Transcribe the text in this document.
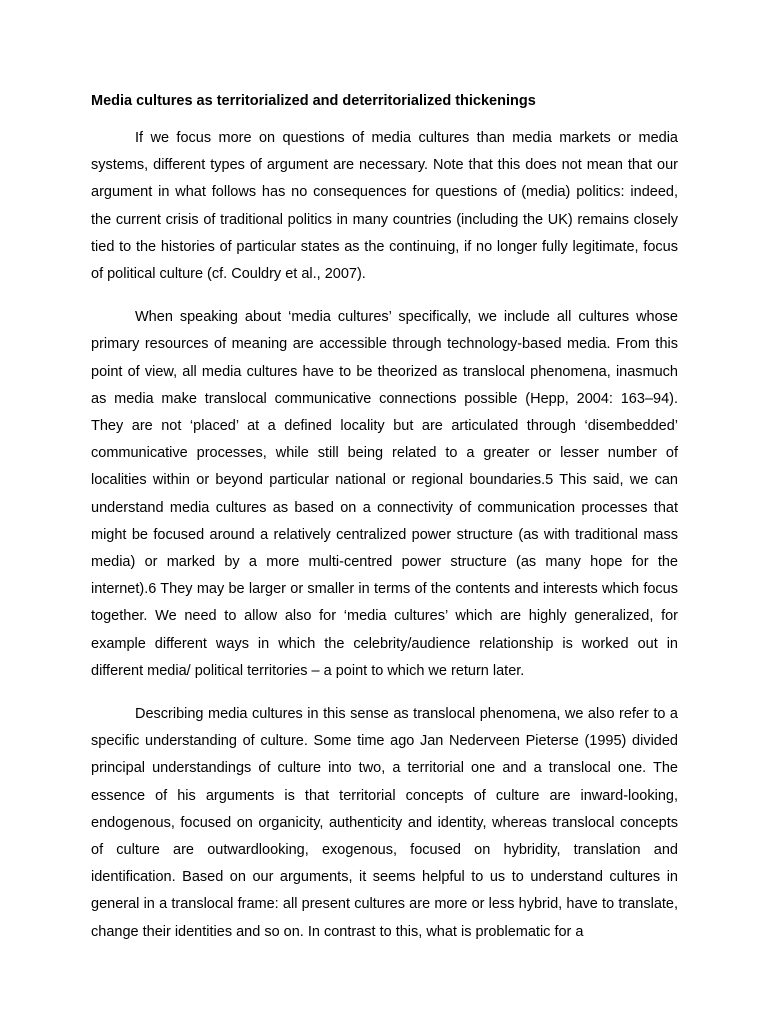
Media cultures as territorialized and deterritorialized thickenings

If we focus more on questions of media cultures than media markets or media systems, different types of argument are necessary. Note that this does not mean that our argument in what follows has no consequences for questions of (media) politics: indeed, the current crisis of traditional politics in many countries (including the UK) remains closely tied to the histories of particular states as the continuing, if no longer fully legitimate, focus of political culture (cf. Couldry et al., 2007).

When speaking about ‘media cultures’ specifically, we include all cultures whose primary resources of meaning are accessible through technology-based media. From this point of view, all media cultures have to be theorized as translocal phenomena, inasmuch as media make translocal communicative connections possible (Hepp, 2004: 163–94). They are not ‘placed’ at a defined locality but are articulated through ‘disembedded’ communicative processes, while still being related to a greater or lesser number of localities within or beyond particular national or regional boundaries.5 This said, we can understand media cultures as based on a connectivity of communication processes that might be focused around a relatively centralized power structure (as with traditional mass media) or marked by a more multi-centred power structure (as many hope for the internet).6 They may be larger or smaller in terms of the contents and interests which focus together. We need to allow also for ‘media cultures’ which are highly generalized, for example different ways in which the celebrity/audience relationship is worked out in different media/ political territories – a point to which we return later.

Describing media cultures in this sense as translocal phenomena, we also refer to a specific understanding of culture. Some time ago Jan Nederveen Pieterse (1995) divided principal understandings of culture into two, a territorial one and a translocal one. The essence of his arguments is that territorial concepts of culture are inward-looking, endogenous, focused on organicity, authenticity and identity, whereas translocal concepts of culture are outwardlooking, exogenous, focused on hybridity, translation and identification. Based on our arguments, it seems helpful to us to understand cultures in general in a translocal frame: all present cultures are more or less hybrid, have to translate, change their identities and so on. In contrast to this, what is problematic for a
